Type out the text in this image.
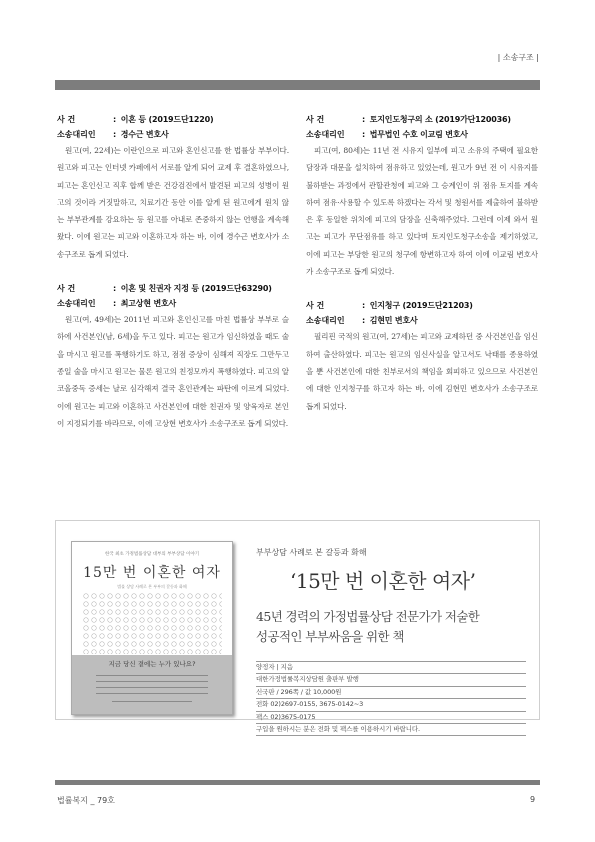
| 소송구조 |
사 건	: 이혼 등 (2019드단1220)
소송대리인 : 경수근 변호사

원고(여, 22세)는 이란인으로 피고와 혼인신고를 한 법률상 부부이다. 원고와 피고는 인터넷 카페에서 서로를 알게 되어 교제 후 결혼하였으나, 피고는 혼인신고 직후 합께 받은 건강검진에서 발견된 피고의 성병이 원고의 것이라 거짓말하고, 치료기간 동안 이를 알게 된 원고에게 원치 않는 부부관계를 강요하는 등 원고를 아내로 존중하지 않는 언행을 계속해왔다. 이에 원고는 피고와 이혼하고자 하는 바, 이에 경수근 변호사가 소송구조로 돕게 되었다.

사 건	: 이혼 및 친권자 지정 등 (2019드단63290)
소송대리인 : 최고상현 변호사

원고(여, 49세)는 2011년 피고와 혼인신고를 마친 법률상 부부로 슬하에 사건본인(남, 6세)을 두고 있다. 피고는 원고가 임신하였을 때도 술을 마시고 원고를 폭행하기도 하고, 점점 증상이 심해져 직장도 그만두고 종일 술을 마시고 원고는 물론 원고의 친정모까지 폭행하였다. 피고의 알코올중독 증세는 날로 심각해져 결국 혼인관계는 파탄에 이르게 되었다. 이에 원고는 피고와 이혼하고 사건본인에 대한 친권자 및 양육자로 본인이 지정되기를 바라므로, 이에 고상현 변호사가 소송구조로 돕게 되었다.

사 건	: 토지인도청구의 소 (2019가단120036)
소송대리인 : 법무법인 수호 이교림 변호사

피고(여, 80세)는 11년 전 시유지 일부에 피고 소유의 주택에 필요한 담장과 대문을 설치하여 점유하고 있었는데, 원고가 9년 전 이 시유지를 불하받는 과정에서 관할관청에 피고와 그 승계인이 위 점유 토지를 계속하여 점유·사용할 수 있도록 하겠다는 각서 및 청원서를 제출하여 불하받은 후 동일한 위치에 피고의 담장을 신축해주었다. 그런데 이제 와서 원고는 피고가 무단점유를 하고 있다며 토지인도청구소송을 제기하였고, 이에 피고는 부당한 원고의 청구에 항변하고자 하여 이에 이교림 변호사가 소송구조로 돕게 되었다.

사 건	: 인지청구 (2019드단21203)
소송대리인 : 김현민 변호사

필리핀 국적의 원고(여, 27세)는 피고와 교제하던 중 사건본인을 임신하여 출산하였다. 피고는 원고의 임신사실을 알고서도 낙태를 종용하였을 뿐 사건본인에 대한 친부로서의 책임을 회피하고 있으므로 사건본인에 대한 인지청구를 하고자 하는 바, 이에 김현민 변호사가 소송구조로 돕게 되었다.

한국 최초 가정법률상담 대부의 부부상담 이야기
15만 번 이혼한 여자
법률 상담 사례로 본 부부의 갈등과 화해
지금 당신 곁에는 누가 있나요?
부부상담 사례로 본 갈등과 화해
‘15만 번 이혼한 여자’
45년 경력의 가정법률상담 전문가가 저술한
성공적인 부부싸움을 위한 책
양정자 | 지음
대한가정법률복지상담원 출판부 발행
신국판 / 296쪽 / 값 10,000원
전화 02)2697-0155, 3675-0142~3
팩스 02)3675-0175
구입을 원하시는 분은 전화 및 팩스를 이용하시기 바랍니다.
법률복지 _ 79호	9
